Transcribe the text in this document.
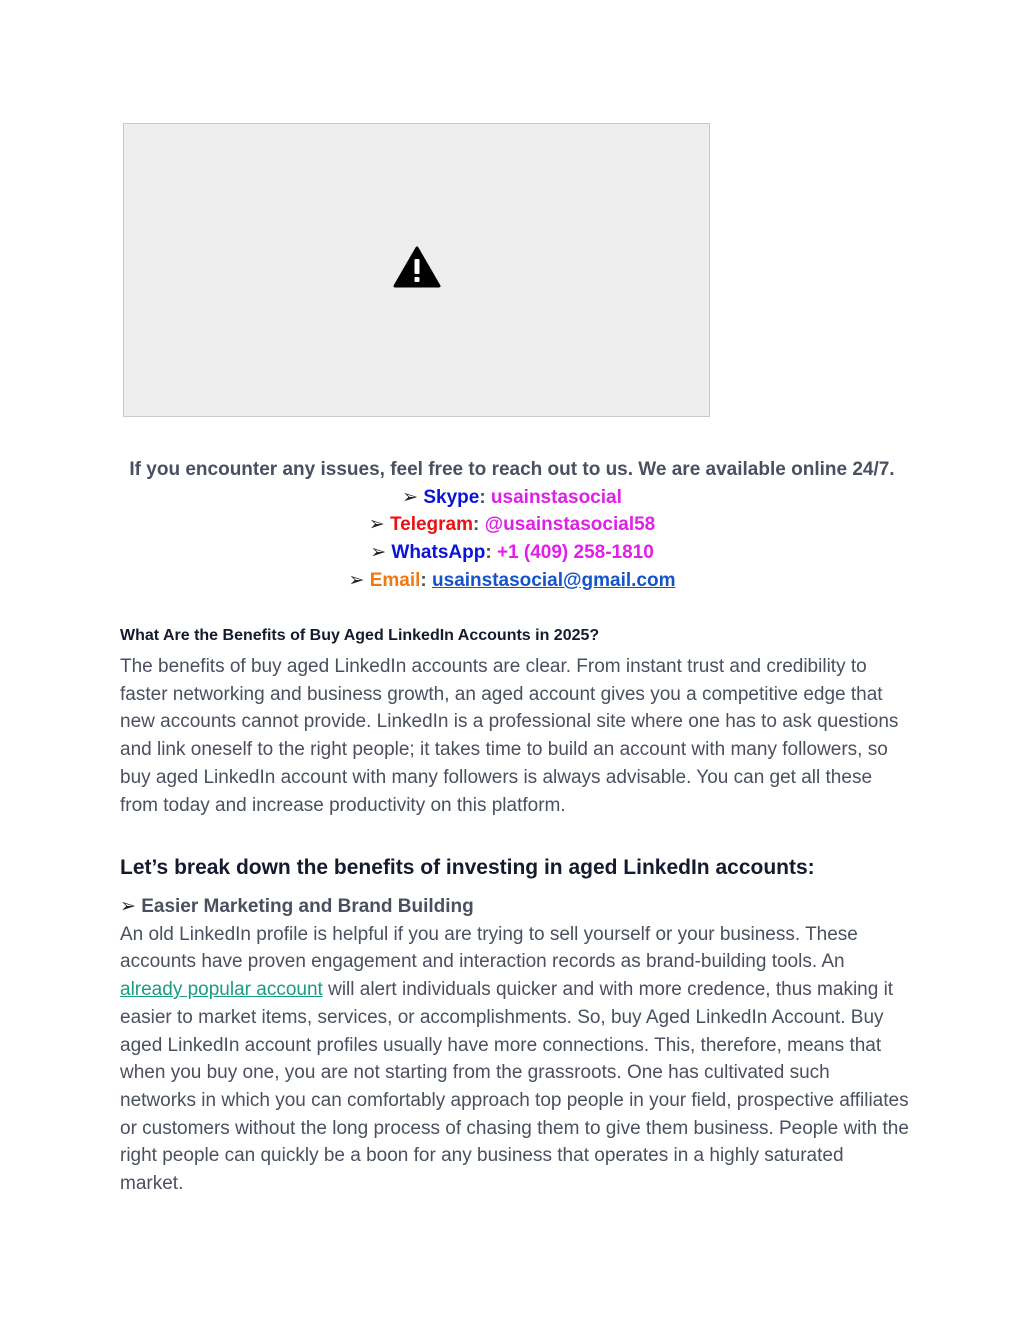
If you encounter any issues, feel free to reach out to us. We are available online 24/7.
➢ Skype: usainstasocial
➢ Telegram: @usainstasocial58
➢ WhatsApp: +1 (409) 258-1810
➢ Email: usainstasocial@gmail.com
What Are the Benefits of Buy Aged LinkedIn Accounts in 2025?
The benefits of buy aged LinkedIn accounts are clear. From instant trust and credibility to faster networking and business growth, an aged account gives you a competitive edge that new accounts cannot provide. LinkedIn is a professional site where one has to ask questions and link oneself to the right people; it takes time to build an account with many followers, so buy aged LinkedIn account with many followers is always advisable. You can get all these from today and increase productivity on this platform.
Let’s break down the benefits of investing in aged LinkedIn accounts:
➢ Easier Marketing and Brand Building
An old LinkedIn profile is helpful if you are trying to sell yourself or your business. These accounts have proven engagement and interaction records as brand-building tools. An already popular account will alert individuals quicker and with more credence, thus making it easier to market items, services, or accomplishments. So, buy Aged LinkedIn Account. Buy aged LinkedIn account profiles usually have more connections. This, therefore, means that when you buy one, you are not starting from the grassroots. One has cultivated such networks in which you can comfortably approach top people in your field, prospective affiliates or customers without the long process of chasing them to give them business. People with the right people can quickly be a boon for any business that operates in a highly saturated market.
